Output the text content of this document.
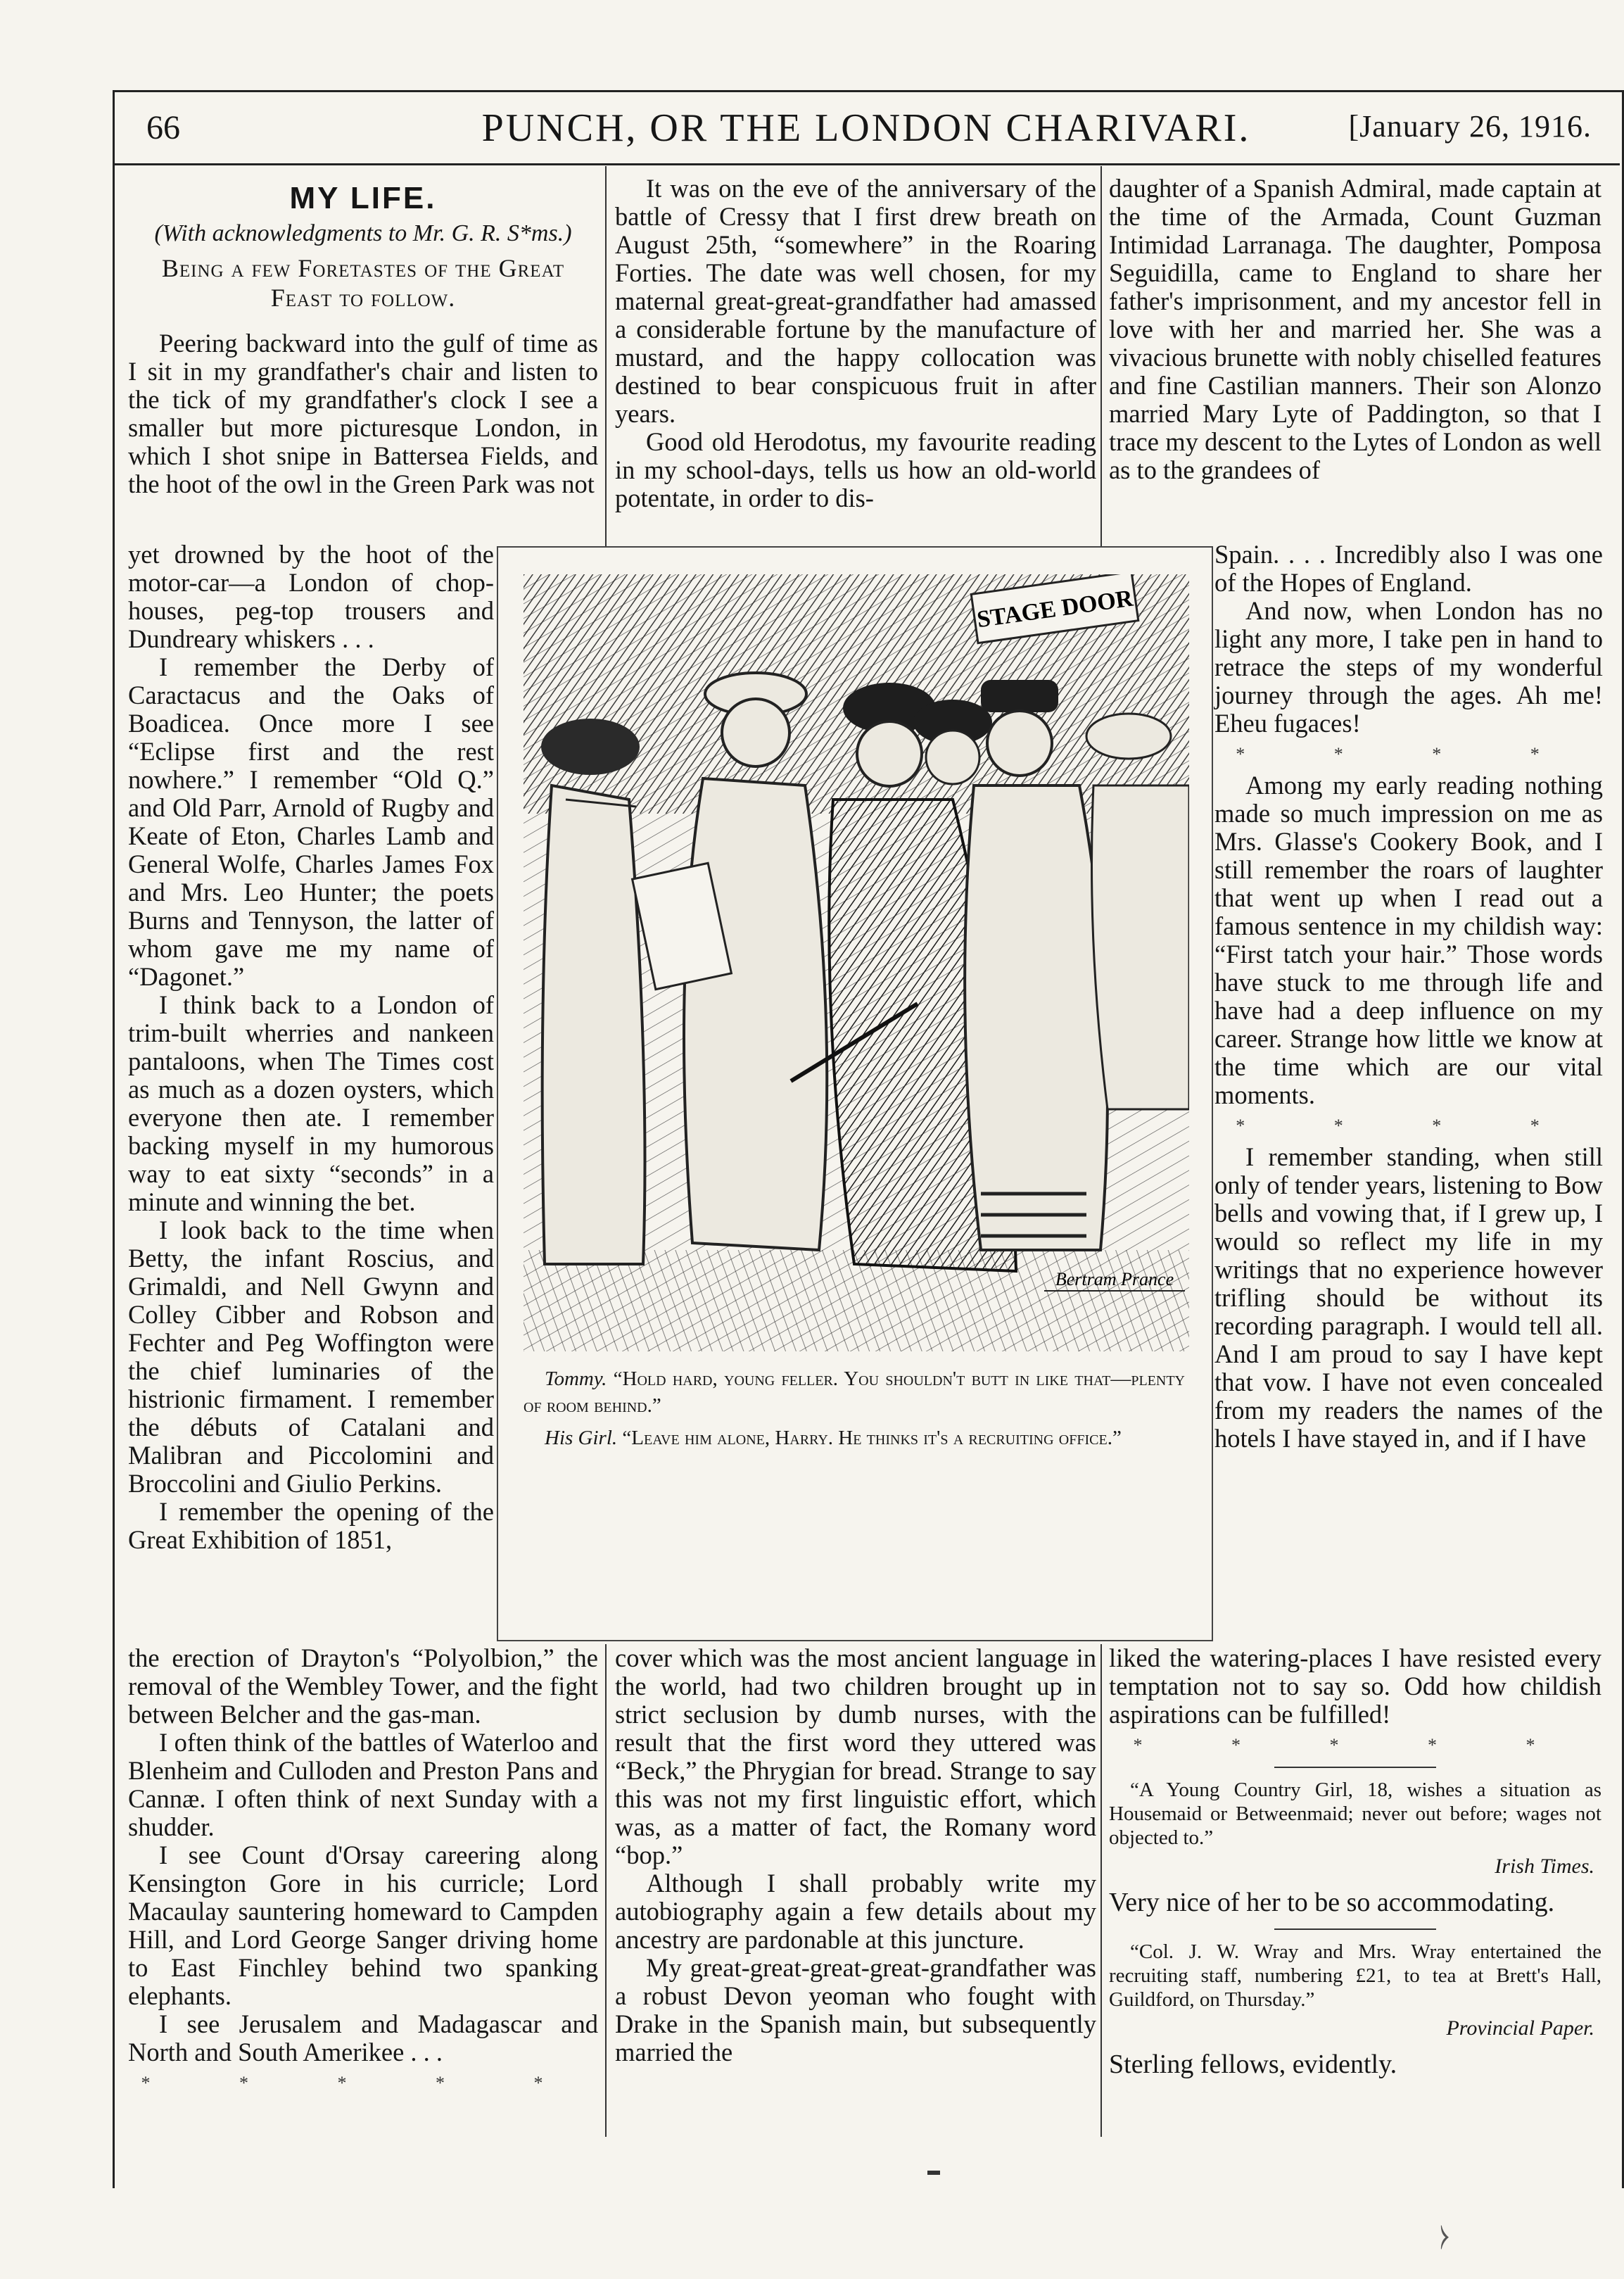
66	PUNCH, OR THE LONDON CHARIVARI.	[January 26, 1916.
MY LIFE.
(With acknowledgments to Mr. G. R. S*ms.)
Being a few Foretastes of the Great Feast to follow.

Peering backward into the gulf of time as I sit in my grandfather's chair and listen to the tick of my grandfather's clock I see a smaller but more picturesque London, in which I shot snipe in Battersea Fields, and the hoot of the owl in the Green Park was not

yet drowned by the hoot of the motor-car—a London of chop-houses, peg-top trousers and Dundreary whiskers . . .

I remember the Derby of Caractacus and the Oaks of Boadicea. Once more I see “Eclipse first and the rest nowhere.” I remember “Old Q.” and Old Parr, Arnold of Rugby and Keate of Eton, Charles Lamb and General Wolfe, Charles James Fox and Mrs. Leo Hunter; the poets Burns and Tennyson, the latter of whom gave me my name of “Dagonet.”

I think back to a London of trim-built wherries and nankeen pantaloons, when The Times cost as much as a dozen oysters, which everyone then ate. I remember backing myself in my humorous way to eat sixty “seconds” in a minute and winning the bet.

I look back to the time when Betty, the infant Roscius, and Grimaldi, and Nell Gwynn and Colley Cibber and Robson and Fechter and Peg Woffington were the chief luminaries of the histrionic firmament. I remember the débuts of Catalani and Malibran and Piccolomini and Broccolini and Giulio Perkins.

I remember the opening of the Great Exhibition of 1851,

the erection of Drayton's “Polyolbion,” the removal of the Wembley Tower, and the fight between Belcher and the gas-man.

I often think of the battles of Waterloo and Blenheim and Culloden and Preston Pans and Cannæ. I often think of next Sunday with a shudder.

I see Count d'Orsay careering along Kensington Gore in his curricle; Lord Macaulay sauntering homeward to Campden Hill, and Lord George Sanger driving home to East Finchley behind two spanking elephants.

I see Jerusalem and Madagascar and North and South Amerikee . . .

* * * * *

It was on the eve of the anniversary of the battle of Cressy that I first drew breath on August 25th, “somewhere” in the Roaring Forties. The date was well chosen, for my maternal great-great-grandfather had amassed a considerable fortune by the manufacture of mustard, and the happy collocation was destined to bear conspicuous fruit in after years.

Good old Herodotus, my favourite reading in my school-days, tells us how an old-world potentate, in order to dis-

cover which was the most ancient language in the world, had two children brought up in strict seclusion by dumb nurses, with the result that the first word they uttered was “Beck,” the Phrygian for bread. Strange to say this was not my first linguistic effort, which was, as a matter of fact, the Romany word “bop.”

Although I shall probably write my autobiography again a few details about my ancestry are pardonable at this juncture.

My great-great-great-great-grandfather was a robust Devon yeoman who fought with Drake in the Spanish main, but subsequently married the

daughter of a Spanish Admiral, made captain at the time of the Armada, Count Guzman Intimidad Larranaga. The daughter, Pomposa Seguidilla, came to England to share her father's imprisonment, and my ancestor fell in love with her and married her. She was a vivacious brunette with nobly chiselled features and fine Castilian manners. Their son Alonzo married Mary Lyte of Paddington, so that I trace my descent to the Lytes of London as well as to the grandees of

Spain. . . . Incredibly also I was one of the Hopes of England.

And now, when London has no light any more, I take pen in hand to retrace the steps of my wonderful journey through the ages. Ah me! Eheu fugaces!

* * * *

Among my early reading nothing made so much impression on me as Mrs. Glasse's Cookery Book, and I still remember the roars of laughter that went up when I read out a famous sentence in my childish way: “First tatch your hair.” Those words have stuck to me through life and have had a deep influence on my career. Strange how little we know at the time which are our vital moments.

* * * *

I remember standing, when still only of tender years, listening to Bow bells and vowing that, if I grew up, I would so reflect my life in my writings that no experience however trifling should be without its recording paragraph. I would tell all. And I am proud to say I have kept that vow. I have not even concealed from my readers the names of the hotels I have stayed in, and if I have

liked the watering-places I have resisted every temptation not to say so. Odd how childish aspirations can be fulfilled!

* * * * *
“A Young Country Girl, 18, wishes a situation as Housemaid or Betweenmaid; never out before; wages not objected to.”
Irish Times.
Very nice of her to be so accommodating.
“Col. J. W. Wray and Mrs. Wray entertained the recruiting staff, numbering £21, to tea at Brett's Hall, Guildford, on Thursday.”
Provincial Paper.
Sterling fellows, evidently.
STAGE DOOR
Bertram Prance

Tommy. “Hold hard, young feller. You shouldn't butt in like that—plenty of room behind.”

His Girl. “Leave him alone, Harry. He thinks it's a recruiting office.”

⧽
